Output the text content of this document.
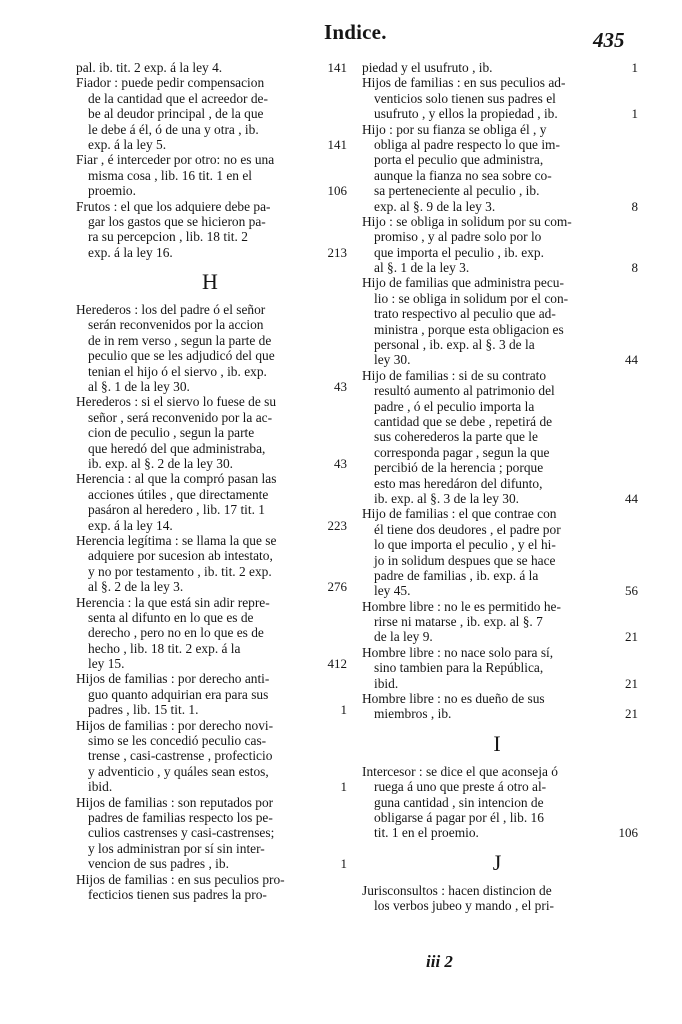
Indice.	435
pal. ib. tit. 2 exp. á la ley 4.	141
Fiador : puede pedir compensacion
de la cantidad que el acreedor de-
be al deudor principal , de la que
le debe á él, ó de una y otra , ib.
exp. á la ley 5.	141
Fiar , é interceder por otro: no es una
misma cosa , lib. 16 tit. 1 en el
proemio.	106
Frutos : el que los adquiere debe pa-
gar los gastos que se hicieron pa-
ra su percepcion , lib. 18 tit. 2
exp. á la ley 16.	213
H
Herederos : los del padre ó el señor
serán reconvenidos por la accion
de in rem verso , segun la parte de
peculio que se les adjudicó del que
tenian el hijo ó el siervo , ib. exp.
al §. 1 de la ley 30.	43
Herederos : si el siervo lo fuese de su
señor , será reconvenido por la ac-
cion de peculio , segun la parte
que heredó del que administraba,
ib. exp. al §. 2 de la ley 30.	43
Herencia : al que la compró pasan las
acciones útiles , que directamente
pasáron al heredero , lib. 17 tit. 1
exp. á la ley 14.	223
Herencia legítima : se llama la que se
adquiere por sucesion ab intestato,
y no por testamento , ib. tit. 2 exp.
al §. 2 de la ley 3.	276
Herencia : la que está sin adir repre-
senta al difunto en lo que es de
derecho , pero no en lo que es de
hecho , lib. 18 tit. 2 exp. á la
ley 15.	412
Hijos de familias : por derecho anti-
guo quanto adquirian era para sus
padres , lib. 15 tit. 1.	1
Hijos de familias : por derecho novi-
simo se les concedió peculio cas-
trense , casi-castrense , profecticio
y adventicio , y quáles sean estos,
ibid.	1
Hijos de familias : son reputados por
padres de familias respecto los pe-
culios castrenses y casi-castrenses;
y los administran por sí sin inter-
vencion de sus padres , ib.	1
Hijos de familias : en sus peculios pro-
fecticios tienen sus padres la pro-
piedad y el usufruto , ib.	1
Hijos de familias : en sus peculios ad-
venticios solo tienen sus padres el
usufruto , y ellos la propiedad , ib.	1
Hijo : por su fianza se obliga él , y
obliga al padre respecto lo que im-
porta el peculio que administra,
aunque la fianza no sea sobre co-
sa perteneciente al peculio , ib.
exp. al §. 9 de la ley 3.	8
Hijo : se obliga in solidum por su com-
promiso , y al padre solo por lo
que importa el peculio , ib. exp.
al §. 1 de la ley 3.	8
Hijo de familias que administra pecu-
lio : se obliga in solidum por el con-
trato respectivo al peculio que ad-
ministra , porque esta obligacion es
personal , ib. exp. al §. 3 de la
ley 30.	44
Hijo de familias : si de su contrato
resultó aumento al patrimonio del
padre , ó el peculio importa la
cantidad que se debe , repetirá de
sus coherederos la parte que le
corresponda pagar , segun la que
percibió de la herencia ; porque
esto mas heredáron del difunto,
ib. exp. al §. 3 de la ley 30.	44
Hijo de familias : el que contrae con
él tiene dos deudores , el padre por
lo que importa el peculio , y el hi-
jo in solidum despues que se hace
padre de familias , ib. exp. á la
ley 45.	56
Hombre libre : no le es permitido he-
rirse ni matarse , ib. exp. al §. 7
de la ley 9.	21
Hombre libre : no nace solo para sí,
sino tambien para la República,
ibid.	21
Hombre libre : no es dueño de sus
miembros , ib.	21
I
Intercesor : se dice el que aconseja ó
ruega á uno que preste á otro al-
guna cantidad , sin intencion de
obligarse á pagar por él , lib. 16
tit. 1 en el proemio.	106
J
Jurisconsultos : hacen distincion de
los verbos jubeo y mando , el pri-
iii 2
